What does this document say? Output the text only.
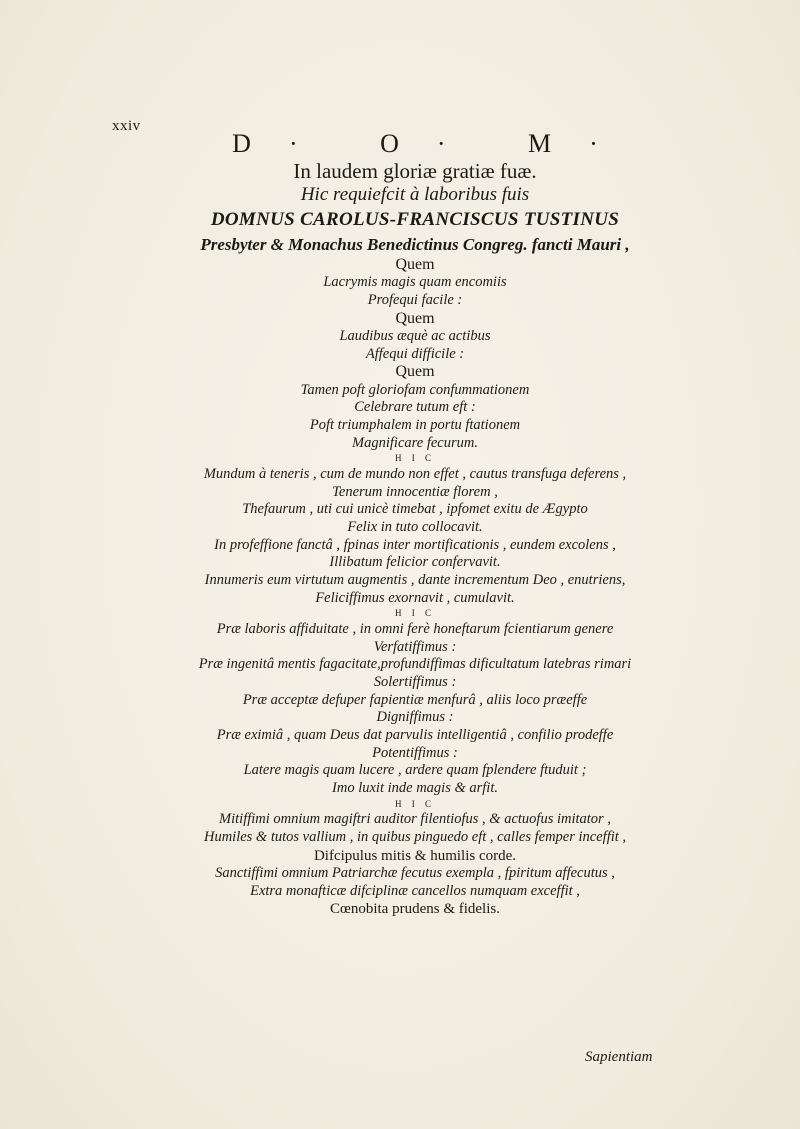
xxiv
D· O· M·
In laudem gloriæ gratiæ fuæ.
Hic requiefcit à laboribus fuis
DOMNUS CAROLUS-FRANCISCUS TUSTINUS
Presbyter & Monachus Benedictinus Congreg. fancti Mauri ,
Quem
Lacrymis magis quam encomiis
Profequi facile :
Quem
Laudibus æquè ac actibus
Affequi difficile :
Quem
Tamen poft gloriofam confummationem
Celebrare tutum eft :
Poft triumphalem in portu ftationem
Magnificare fecurum.
H I C
Mundum à teneris , cum de mundo non effet , cautus transfuga deferens ,
Tenerum innocentiæ florem ,
Thefaurum , uti cui unicè timebat , ipfomet exitu de Ægypto
Felix in tuto collocavit.
In profeffione fanctâ , fpinas inter mortificationis , eundem excolens ,
Illibatum felicior confervavit.
Innumeris eum virtutum augmentis , dante incrementum Deo , enutriens,
Feliciffimus exornavit , cumulavit.
H I C
Præ laboris affiduitate , in omni ferè honeftarum fcientiarum genere
Verfatiffimus :
Præ ingenitâ mentis fagacitate,profundiffimas dificultatum latebras rimari
Solertiffimus :
Præ acceptæ defuper fapientiæ menfurâ , aliis loco præeffe
Digniffimus :
Præ eximiâ , quam Deus dat parvulis intelligentiâ , confilio prodeffe
Potentiffimus :
Latere magis quam lucere , ardere quam fplendere ftuduit ;
Imo luxit inde magis & arfit.
H I C
Mitiffimi omnium magiftri auditor filentiofus , & actuofus imitator ,
Humiles & tutos vallium , in quibus pinguedo eft , calles femper inceffit ,
Difcipulus mitis & humilis corde.
Sanctiffimi omnium Patriarchæ fecutus exempla , fpiritum affecutus ,
Extra monafticæ difciplinæ cancellos numquam exceffit ,
Cœnobita prudens & fidelis.
Sapientiam
